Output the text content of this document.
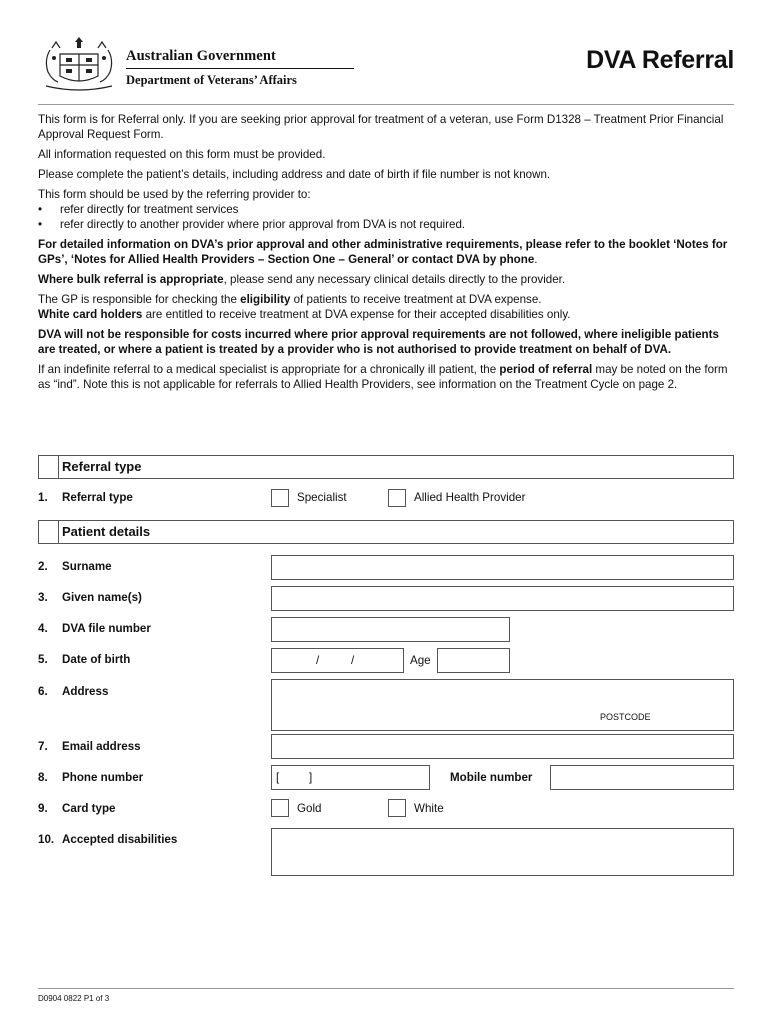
Australian Government
Department of Veterans’ Affairs
DVA Referral

This form is for Referral only. If you are seeking prior approval for treatment of a veteran, use Form D1328 – Treatment Prior Financial Approval Request Form.

All information requested on this form must be provided.

Please complete the patient’s details, including address and date of birth if file number is not known.

This form should be used by the referring provider to:

• refer directly for treatment services
• refer directly to another provider where prior approval from DVA is not required.

For detailed information on DVA’s prior approval and other administrative requirements, please refer to the booklet ‘Notes for GPs’, ‘Notes for Allied Health Providers – Section One – General’ or contact DVA by phone.

Where bulk referral is appropriate, please send any necessary clinical details directly to the provider.

The GP is responsible for checking the eligibility of patients to receive treatment at DVA expense.

White card holders are entitled to receive treatment at DVA expense for their accepted disabilities only.

DVA will not be responsible for costs incurred where prior approval requirements are not followed, where ineligible patients are treated, or where a patient is treated by a provider who is not authorised to provide treatment on behalf of DVA.

If an indefinite referral to a medical specialist is appropriate for a chronically ill patient, the period of referral may be noted on the form as “ind”. Note this is not applicable for referrals to Allied Health Providers, see information on the Treatment Cycle on page 2.

Referral type
1. Referral type	Specialist	Allied Health Provider
Patient details
2. Surname
3. Given name(s)
4. DVA file number
5. Date of birth	/	/	Age
6. Address
POSTCODE
7. Email address
8. Phone number	[	]	Mobile number
9. Card type	Gold	White
10. Accepted disabilities
D0904 0822 P1 of 3
